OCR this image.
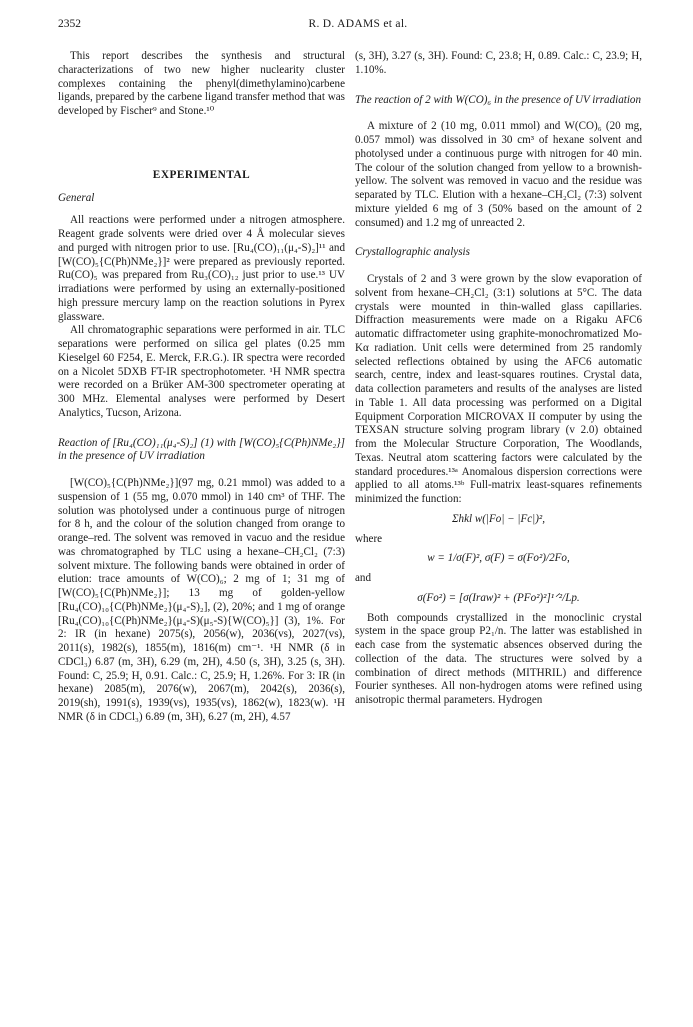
2352	R. D. ADAMS et al.

This report describes the synthesis and structural characterizations of two new higher nuclearity cluster complexes containing the phenyl(dimethylamino)carbene ligands, prepared by the carbene ligand transfer method that was developed by Fischer⁹ and Stone.¹⁰

EXPERIMENTAL

General

All reactions were performed under a nitrogen atmosphere. Reagent grade solvents were dried over 4 Å molecular sieves and purged with nitrogen prior to use. [Ru₄(CO)₁₁(μ₄-S)₂]¹¹ and [W(CO)₅{C(Ph)NMe₂}]² were prepared as previously reported. Ru(CO)₅ was prepared from Ru₃(CO)₁₂ just prior to use.¹³ UV irradiations were performed by using an externally-positioned high pressure mercury lamp on the reaction solutions in Pyrex glassware.

All chromatographic separations were performed in air. TLC separations were performed on silica gel plates (0.25 mm Kieselgel 60 F254, E. Merck, F.R.G.). IR spectra were recorded on a Nicolet 5DXB FT-IR spectrophotometer. ¹H NMR spectra were recorded on a Brüker AM-300 spectrometer operating at 300 MHz. Elemental analyses were performed by Desert Analytics, Tucson, Arizona.

Reaction of [Ru₄(CO)₁₁(μ₄-S)₂] (1) with [W(CO)₅{C(Ph)NMe₂}] in the presence of UV irradiation

[W(CO)₅{C(Ph)NMe₂}](97 mg, 0.21 mmol) was added to a suspension of 1 (55 mg, 0.070 mmol) in 140 cm³ of THF. The solution was photolysed under a continuous purge of nitrogen for 8 h, and the colour of the solution changed from orange to orange–red. The solvent was removed in vacuo and the residue was chromatographed by TLC using a hexane–CH₂Cl₂ (7:3) solvent mixture. The following bands were obtained in order of elution: trace amounts of W(CO)₆; 2 mg of 1; 31 mg of [W(CO)₅{C(Ph)NMe₂}]; 13 mg of golden-yellow [Ru₄(CO)₁₀{C(Ph)NMe₂}(μ₄-S)₂], (2), 20%; and 1 mg of orange [Ru₄(CO)₁₀{C(Ph)NMe₂}(μ₄-S)(μ₅-S){W(CO)₅}] (3), 1%. For 2: IR (in hexane) 2075(s), 2056(w), 2036(vs), 2027(vs), 2011(s), 1982(s), 1855(m), 1816(m) cm⁻¹. ¹H NMR (δ in CDCl₃) 6.87 (m, 3H), 6.29 (m, 2H), 4.50 (s, 3H), 3.25 (s, 3H). Found: C, 25.9; H, 0.91. Calc.: C, 25.9; H, 1.26%. For 3: IR (in hexane) 2085(m), 2076(w), 2067(m), 2042(s), 2036(s), 2019(sh), 1991(s), 1939(vs), 1935(vs), 1862(w), 1823(w). ¹H NMR (δ in CDCl₃) 6.89 (m, 3H), 6.27 (m, 2H), 4.57

(s, 3H), 3.27 (s, 3H). Found: C, 23.8; H, 0.89. Calc.: C, 23.9; H, 1.10%.

The reaction of 2 with W(CO)₆ in the presence of UV irradiation

A mixture of 2 (10 mg, 0.011 mmol) and W(CO)₆ (20 mg, 0.057 mmol) was dissolved in 30 cm³ of hexane solvent and photolysed under a continuous purge with nitrogen for 40 min. The colour of the solution changed from yellow to a brownish-yellow. The solvent was removed in vacuo and the residue was separated by TLC. Elution with a hexane–CH₂Cl₂ (7:3) solvent mixture yielded 6 mg of 3 (50% based on the amount of 2 consumed) and 1.2 mg of unreacted 2.

Crystallographic analysis

Crystals of 2 and 3 were grown by the slow evaporation of solvent from hexane–CH₂Cl₂ (3:1) solutions at 5°C. The data crystals were mounted in thin-walled glass capillaries. Diffraction measurements were made on a Rigaku AFC6 automatic diffractometer using graphite-monochromatized Mo-Kα radiation. Unit cells were determined from 25 randomly selected reflections obtained by using the AFC6 automatic search, centre, index and least-squares routines. Crystal data, data collection parameters and results of the analyses are listed in Table 1. All data processing was performed on a Digital Equipment Corporation MICROVAX II computer by using the TEXSAN structure solving program library (v 2.0) obtained from the Molecular Structure Corporation, The Woodlands, Texas. Neutral atom scattering factors were calculated by the standard procedures.¹³ᵃ Anomalous dispersion corrections were applied to all atoms.¹³ᵇ Full-matrix least-squares refinements minimized the function:

Σhkl w(|Fo| − |Fc|)²,

where

w = 1/σ(F)², σ(F) = σ(Fo²)/2Fo,

and

σ(Fo²) = [σ(Iraw)² + (PFo²)²]¹ᐟ²/Lp.

Both compounds crystallized in the monoclinic crystal system in the space group P2₁/n. The latter was established in each case from the systematic absences observed during the collection of the data. The structures were solved by a combination of direct methods (MITHRIL) and difference Fourier syntheses. All non-hydrogen atoms were refined using anisotropic thermal parameters. Hydrogen
